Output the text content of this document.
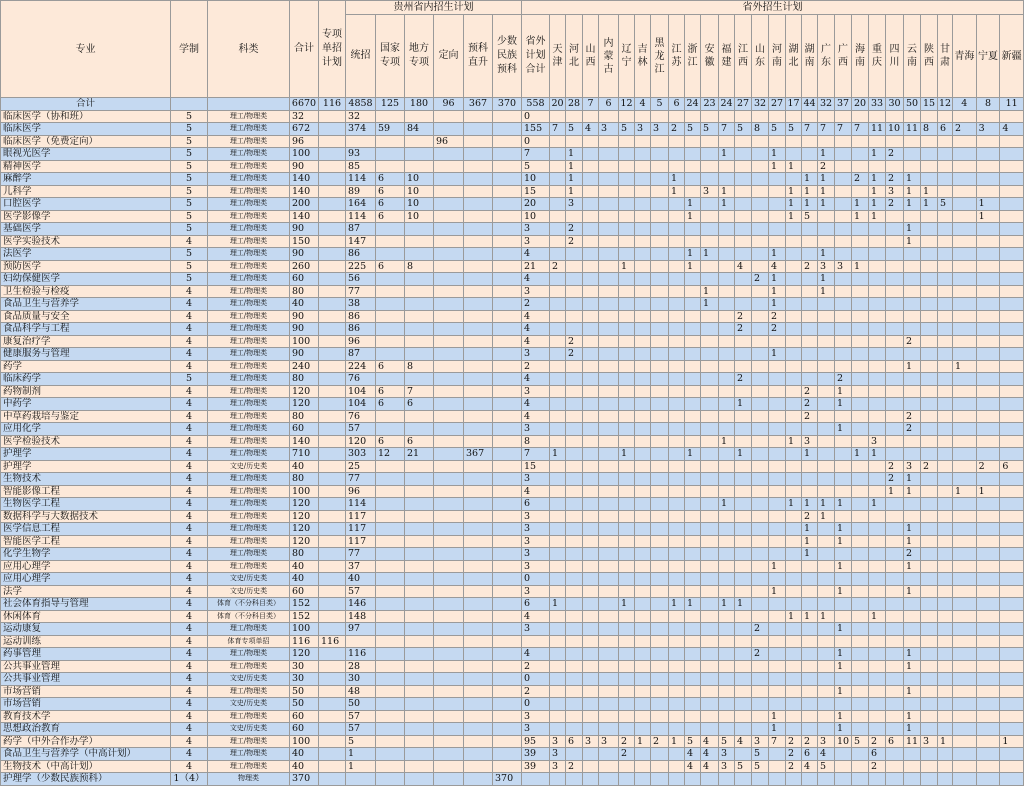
专业	学制	科类	合计	专项单招计划	贵州省内招生计划						省外招生计划																											
					统招	国家专项	地方专项	定向	预科直升	少数民族预科	省外计划合计	天津	河北	山西	内蒙古	辽宁	吉林	黑龙江	江苏	浙江	安徽	福建	江西	山东	河南	湖北	湖南	广东	广西	海南	重庆	四川	云南	陕西	甘肃	青海	宁夏	新疆
合计			6670	116	4858	125	180	96	367	370	558	20	28	7	6	12	4	5	6	24	23	24	27	32	27	17	44	32	37	20	33	30	50	15	12	4	8	11
临床医学（协和班）	5	理工/物理类	32		32						0																											
临床医学	5	理工/物理类	672		374	59	84				155	7	5	4	3	5	3	3	2	5	5	7	5	8	5	5	7	7	7	7	11	10	11	8	6	2	3	4
临床医学（免费定向）	5	理工/物理类	96					96			0																											
眼视光医学	5	理工/物理类	100		93						7		1									1			1			1			1	2						
精神医学	5	理工/物理类	90		85						5		1												1	1		2										
麻醉学	5	理工/物理类	140		114	6	10				10		1						1								1	1		2	1	2	1					
儿科学	5	理工/物理类	140		89	6	10				15		1						1		3	1				1	1	1			1	3	1	1				
口腔医学	5	理工/物理类	200		164	6	10				20		3							1		1				1	1	1		1	1	2	1	1	5		1	
医学影像学	5	理工/物理类	140		114	6	10				10									1						1	5			1	1						1	
基础医学	5	理工/物理类	90		87						3		2																				1					
医学实验技术	4	理工/物理类	150		147						3		2																				1					
法医学	5	理工/物理类	90		86						4									1	1				1			1										
预防医学	5	理工/物理类	260		225	6	8				21	2				1				1			4		4		2	3	3	1								
妇幼保健医学	5	理工/物理类	60		56						4													2	1			1										
卫生检验与检疫	4	理工/物理类	80		77						3										1				1			1										
食品卫生与营养学	4	理工/物理类	40		38						2										1				1													
食品质量与安全	4	理工/物理类	90		86						4												2		2													
食品科学与工程	4	理工/物理类	90		86						4												2		2													
康复治疗学	4	理工/物理类	100		96						4		2																				2					
健康服务与管理	4	理工/物理类	90		87						3		2												1													
药学	4	理工/物理类	240		224	6	8				2																						1			1		
临床药学	5	理工/物理类	80		76						4												2						2									
药物制剂	4	理工/物理类	120		104	6	7				3																2		1									
中药学	4	理工/物理类	120		104	6	6				4												1				2		1									
中草药栽培与鉴定	4	理工/物理类	80		76						4																2						2					
应用化学	4	理工/物理类	60		57						3																		1				2					
医学检验技术	4	理工/物理类	140		120	6	6				8											1				1	3				3							
护理学	4	理工/物理类	710		303	12	21		367		7	1				1				1			1				1			1	1							
护理学	4	文史/历史类	40		25						15																					2	3	2			2	6
生物技术	4	理工/物理类	80		77						3																					2	1					
智能影像工程	4	理工/物理类	100		96						4																					1	1			1	1	
生物医学工程	4	理工/物理类	120		114						6											1				1	1	1	1		1							
数据科学与大数据技术	4	理工/物理类	120		117						3																2	1										
医学信息工程	4	理工/物理类	120		117						3																1		1				1					
智能医学工程	4	理工/物理类	120		117						3																1		1				1					
化学生物学	4	理工/物理类	80		77						3																1						2					
应用心理学	4	理工/物理类	40		37						3														1				1				1					
应用心理学	4	文史/历史类	40		40						0																											
法学	4	文史/历史类	60		57						3														1				1				1					
社会体育指导与管理	4	体育（不分科目类）	152		146						6	1				1			1	1		1	1															
休闲体育	4	体育（不分科目类）	152		148						4															1	1	1			1							
运动康复	4	理工/物理类	100		97						3													2					1									
运动训练	4	体育专项单招	116	116																																		
药事管理	4	理工/物理类	120		116						4													2					1				1					
公共事业管理	4	理工/物理类	30		28						2																		1				1					
公共事业管理	4	文史/历史类	30		30						0																											
市场营销	4	理工/物理类	50		48						2																		1				1					
市场营销	4	文史/历史类	50		50						0																											
教育技术学	4	理工/物理类	60		57						3														1				1				1					
思想政治教育	4	文史/历史类	60		57						3														1				1				1					
药学（中外合作办学）	4	理工/物理类	100		5						95	3	6	3	3	2	1	2	1	5	4	5	4	3	7	2	2	3	10	5	2	6	11	3	1			1
食品卫生与营养学（中高计划）	4	理工/物理类	40		1						39	3				2				4	4	3		5		2	6	4			6							
生物技术（中高计划）	4	理工/物理类	40		1						39	3	2							4	4	3	5	5		2	4	5			2							
护理学（少数民族预科）	1（4）	物理类	370							370																												
